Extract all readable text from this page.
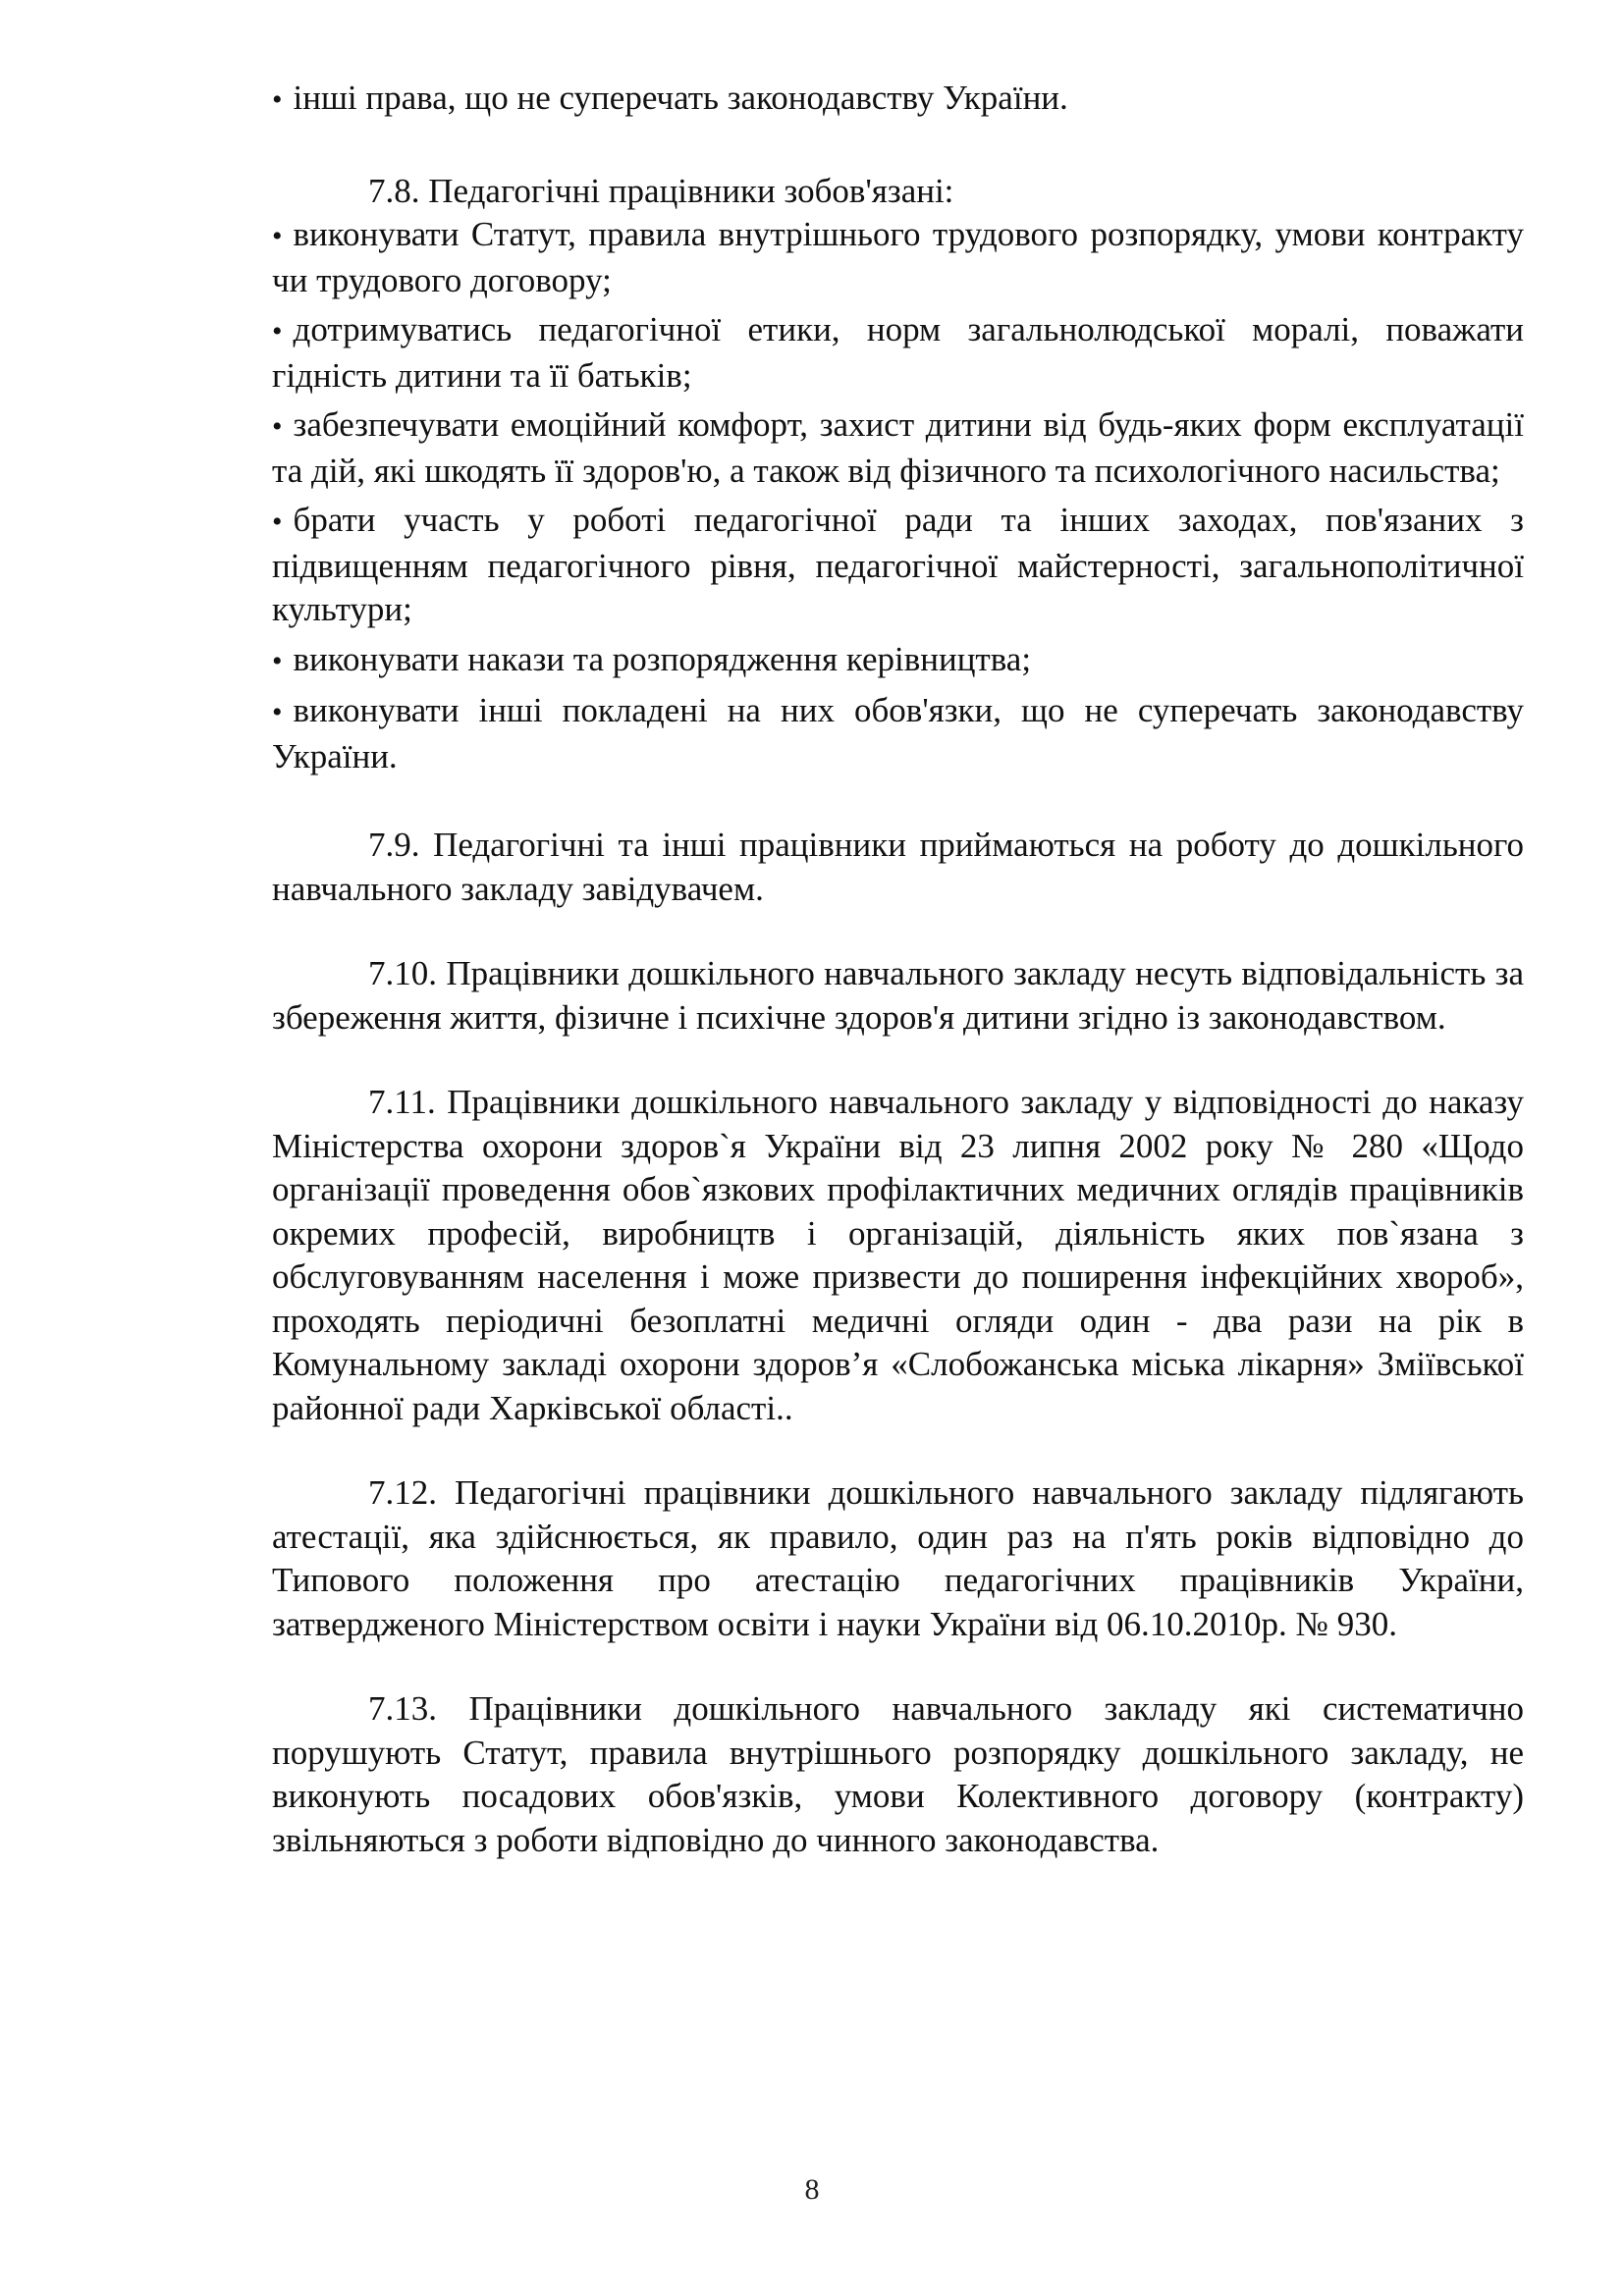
• інші права, що не суперечать законодавству України.

7.8. Педагогічні працівники зобов'язані:

• виконувати Статут, правила внутрішнього трудового розпорядку, умови контракту чи трудового договору;

• дотримуватись педагогічної етики, норм загальнолюдської моралі, поважати гідність дитини та її батьків;

• забезпечувати емоційний комфорт, захист дитини від будь-яких форм експлуатації та дій, які шкодять її здоров'ю, а також від фізичного та психологічного насильства;

• брати участь у роботі педагогічної ради та інших заходах, пов'язаних з підвищенням педагогічного рівня, педагогічної майстерності, загальнополітичної культури;

• виконувати накази та розпорядження керівництва;

• виконувати інші покладені на них обов'язки, що не суперечать законодавству України.

7.9. Педагогічні та інші працівники приймаються на роботу до дошкільного навчального закладу завідувачем.

7.10. Працівники дошкільного навчального закладу несуть відповідальність за збереження життя, фізичне і психічне здоров'я дитини згідно із законодавством.

7.11. Працівники дошкільного навчального закладу у відповідності до наказу Міністерства охорони здоров`я України від 23 липня 2002 року № 280 «Щодо організації проведення обов`язкових профілактичних медичних оглядів працівників окремих професій, виробництв і організацій, діяльність яких пов`язана з обслуговуванням населення і може призвести до поширення інфекційних хвороб», проходять періодичні безоплатні медичні огляди один - два рази на рік в Комунальному закладі охорони здоров’я «Слобожанська міська лікарня» Зміївської районної ради Харківської області..

7.12. Педагогічні працівники дошкільного навчального закладу підлягають атестації, яка здійснюється, як правило, один раз на п'ять років відповідно до Типового положення про атестацію педагогічних працівників України, затвердженого Міністерством освіти і науки України від 06.10.2010р. № 930.

7.13. Працівники дошкільного навчального закладу які систематично порушують Статут, правила внутрішнього розпорядку дошкільного закладу, не виконують посадових обов'язків, умови Колективного договору (контракту) звільняються з роботи відповідно до чинного законодавства.

8
